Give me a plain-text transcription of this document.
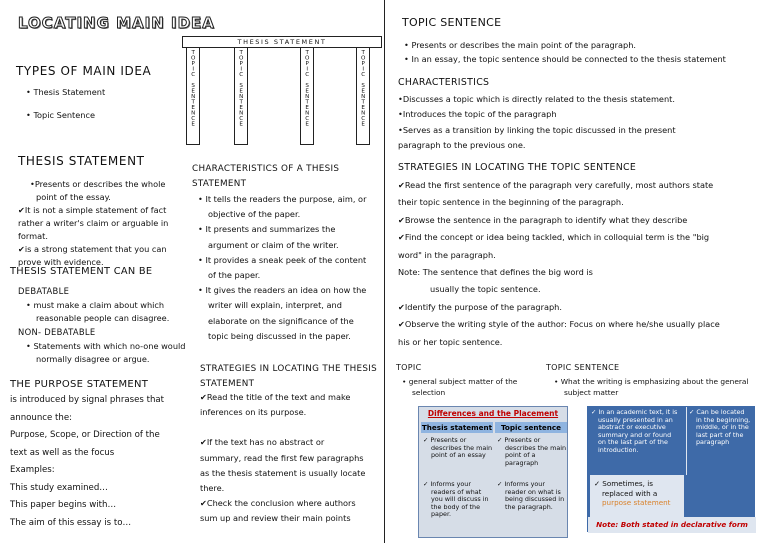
LOCATING MAIN IDEA
THESIS STATEMENT
TOPIC SENTENCE	TOPIC SENTENCE	TOPIC SENTENCE	TOPIC SENTENCE
TYPES OF MAIN IDEA
• Thesis Statement
• Topic Sentence
THESIS STATEMENT
•Presents or describes the whole
point of the essay.
✔It is not a simple statement of fact
rather a writer's claim or arguable in
format.
✔is a strong statement that you can
prove with evidence.
THESIS STATEMENT CAN BE
DEBATABLE
• must make a claim about which
reasonable people can disagree.
NON- DEBATABLE
• Statements with which no-one would
normally disagree or argue.
THE PURPOSE STATEMENT
is introduced by signal phrases that
announce the:
Purpose, Scope, or Direction of the
text as well as the focus
Examples:
This study examined…
This paper begins with…
The aim of this essay is to…
CHARACTERISTICS OF A THESIS
STATEMENT
• It tells the readers the purpose, aim, or
objective of the paper.
• It presents and summarizes the
argument or claim of the writer.
• It provides a sneak peek of the content
of the paper.
• It gives the readers an idea on how the
writer will explain, interpret, and
elaborate on the significance of the
topic being discussed in the paper.
STRATEGIES IN LOCATING THE THESIS
STATEMENT
✔Read the title of the text and make
inferences on its purpose.
✔If the text has no abstract or
summary, read the first few paragraphs
as the thesis statement is usually locate
there.
✔Check the conclusion where authors
sum up and review their main points
TOPIC SENTENCE
• Presents or describes the main point of the paragraph.
• In an essay, the topic sentence should be connected to the thesis statement
CHARACTERISTICS
•Discusses a topic which is directly related to the thesis statement.
•Introduces the topic of the paragraph
•Serves as a transition by linking the topic discussed in the present
paragraph to the previous one.
STRATEGIES IN LOCATING THE TOPIC SENTENCE
✔Read the first sentence of the paragraph very carefully, most authors state
their topic sentence in the beginning of the paragraph.
✔Browse the sentence in the paragraph to identify what they describe
✔Find the concept or idea being tackled, which in colloquial term is the "big
word" in the paragraph.
Note: The sentence that defines the big word is
usually the topic sentence.
✔Identify the purpose of the paragraph.
✔Observe the writing style of the author: Focus on where he/she usually place
his or her topic sentence.
TOPIC
• general subject matter of the
selection
TOPIC SENTENCE
• What the writing is emphasizing about the general
subject matter
Differences and the Placement
Thesis statement	Topic sentence
✓ Presents or
describes the main
point of an essay
✓ Presents or
describes the main
point of a
paragraph
✓ Informs your
readers of what
you will discuss in
the body of the
paper.
✓ Informs your
reader on what is
being discussed in
the paragraph.
✓ In an academic text, it is
usually presented in an
abstract or executive
summary and or found
on the last part of the
introduction.
✓ Can be located
in the beginning,
middle, or in the
last part of the
paragraph
✓ Sometimes, is
replaced with a
purpose statement
Note: Both stated in declarative form
